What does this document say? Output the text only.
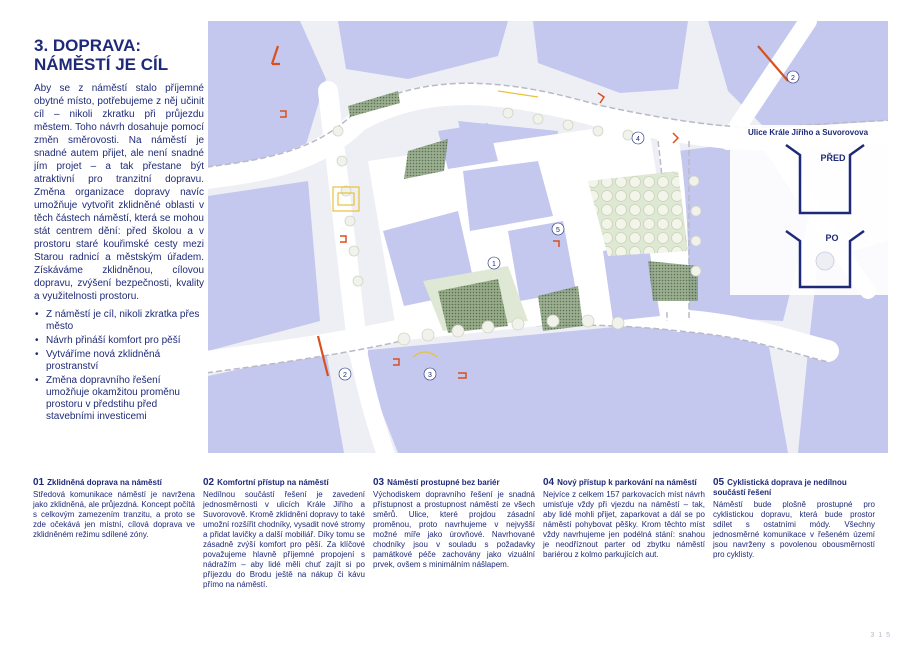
3. DOPRAVA:
NÁMĚSTÍ JE CÍL
Aby se z náměstí stalo příjemné obytné místo, potřebujeme z něj učinit cíl – nikoli zkratku při průjezdu městem. Toho návrh dosahuje pomocí změn směrovosti. Na náměstí je snadné autem přijet, ale není snadné jím projet – a tak přestane být atraktivní pro tranzitní dopravu. Změna organizace dopravy navíc umožňuje vytvořit zklidněné oblasti v těch částech náměstí, která se mohou stát centrem dění: před školou a v prostoru staré kouřimské cesty mezi Starou radnicí a městským úřadem. Získáváme zklidněnou, cílovou dopravu, zvýšení bezpečnosti, kvality a využitelnosti prostoru.
• Z náměstí je cíl, nikoli zkratka přes město
• Návrh přináší komfort pro pěší
• Vytváříme nová zklidněná prostranství
• Změna dopravního řešení umožňuje okamžitou proměnu prostoru v předstihu před stavebními investicemi
1
2
2	3
4
5
Ulice Krále Jiřího a Suvorovova
PŘED
PO
01 Zklidněná doprava na náměstí

Středová komunikace náměstí je navržena jako zklidněná, ale průjezdná. Koncept počítá s celkovým zamezením tranzitu, a proto se zde očekává jen místní, cílová doprava ve zklidněném režimu sdílené zóny.

02 Komfortní přístup na náměstí

Nedílnou součástí řešení je zavedení jednosměrnosti v ulicích Krále Jiřího a Suvorovově. Kromě zklidnění dopravy to také umožní rozšířit chodníky, vysadit nové stromy a přidat lavičky a další mobiliář. Díky tomu se zásadně zvýší komfort pro pěší. Za klíčové považujeme hlavně příjemné propojení s nádražím – aby lidé měli chuť zajít si po příjezdu do Brodu ještě na nákup či kávu přímo na náměstí.

03 Náměstí prostupné bez bariér

Východiskem dopravního řešení je snadná přístupnost a prostupnost náměstí ze všech směrů. Ulice, které projdou zásadní proměnou, proto navrhujeme v nejvyšší možné míře jako úrovňové. Navrhované chodníky jsou v souladu s požadavky památkové péče zachovány jako vizuální prvek, ovšem s minimálním nášlapem.

04 Nový přístup k parkování na náměstí

Nejvíce z celkem 157 parkovacích míst návrh umisťuje vždy při vjezdu na náměstí – tak, aby lidé mohli přijet, zaparkovat a dál se po náměstí pohybovat pěšky. Krom těchto míst vždy navrhujeme jen podélná stání: snahou je neodříznout parter od zbytku náměstí bariérou z kolmo parkujících aut.

05 Cyklistická doprava je nedílnou součástí řešení

Náměstí bude plošně prostupné pro cyklistickou dopravu, která bude prostor sdílet s ostatními módy. Všechny jednosměrné komunikace v řešeném území jsou navrženy s povolenou obousměrností pro cyklisty.

3 1 5
